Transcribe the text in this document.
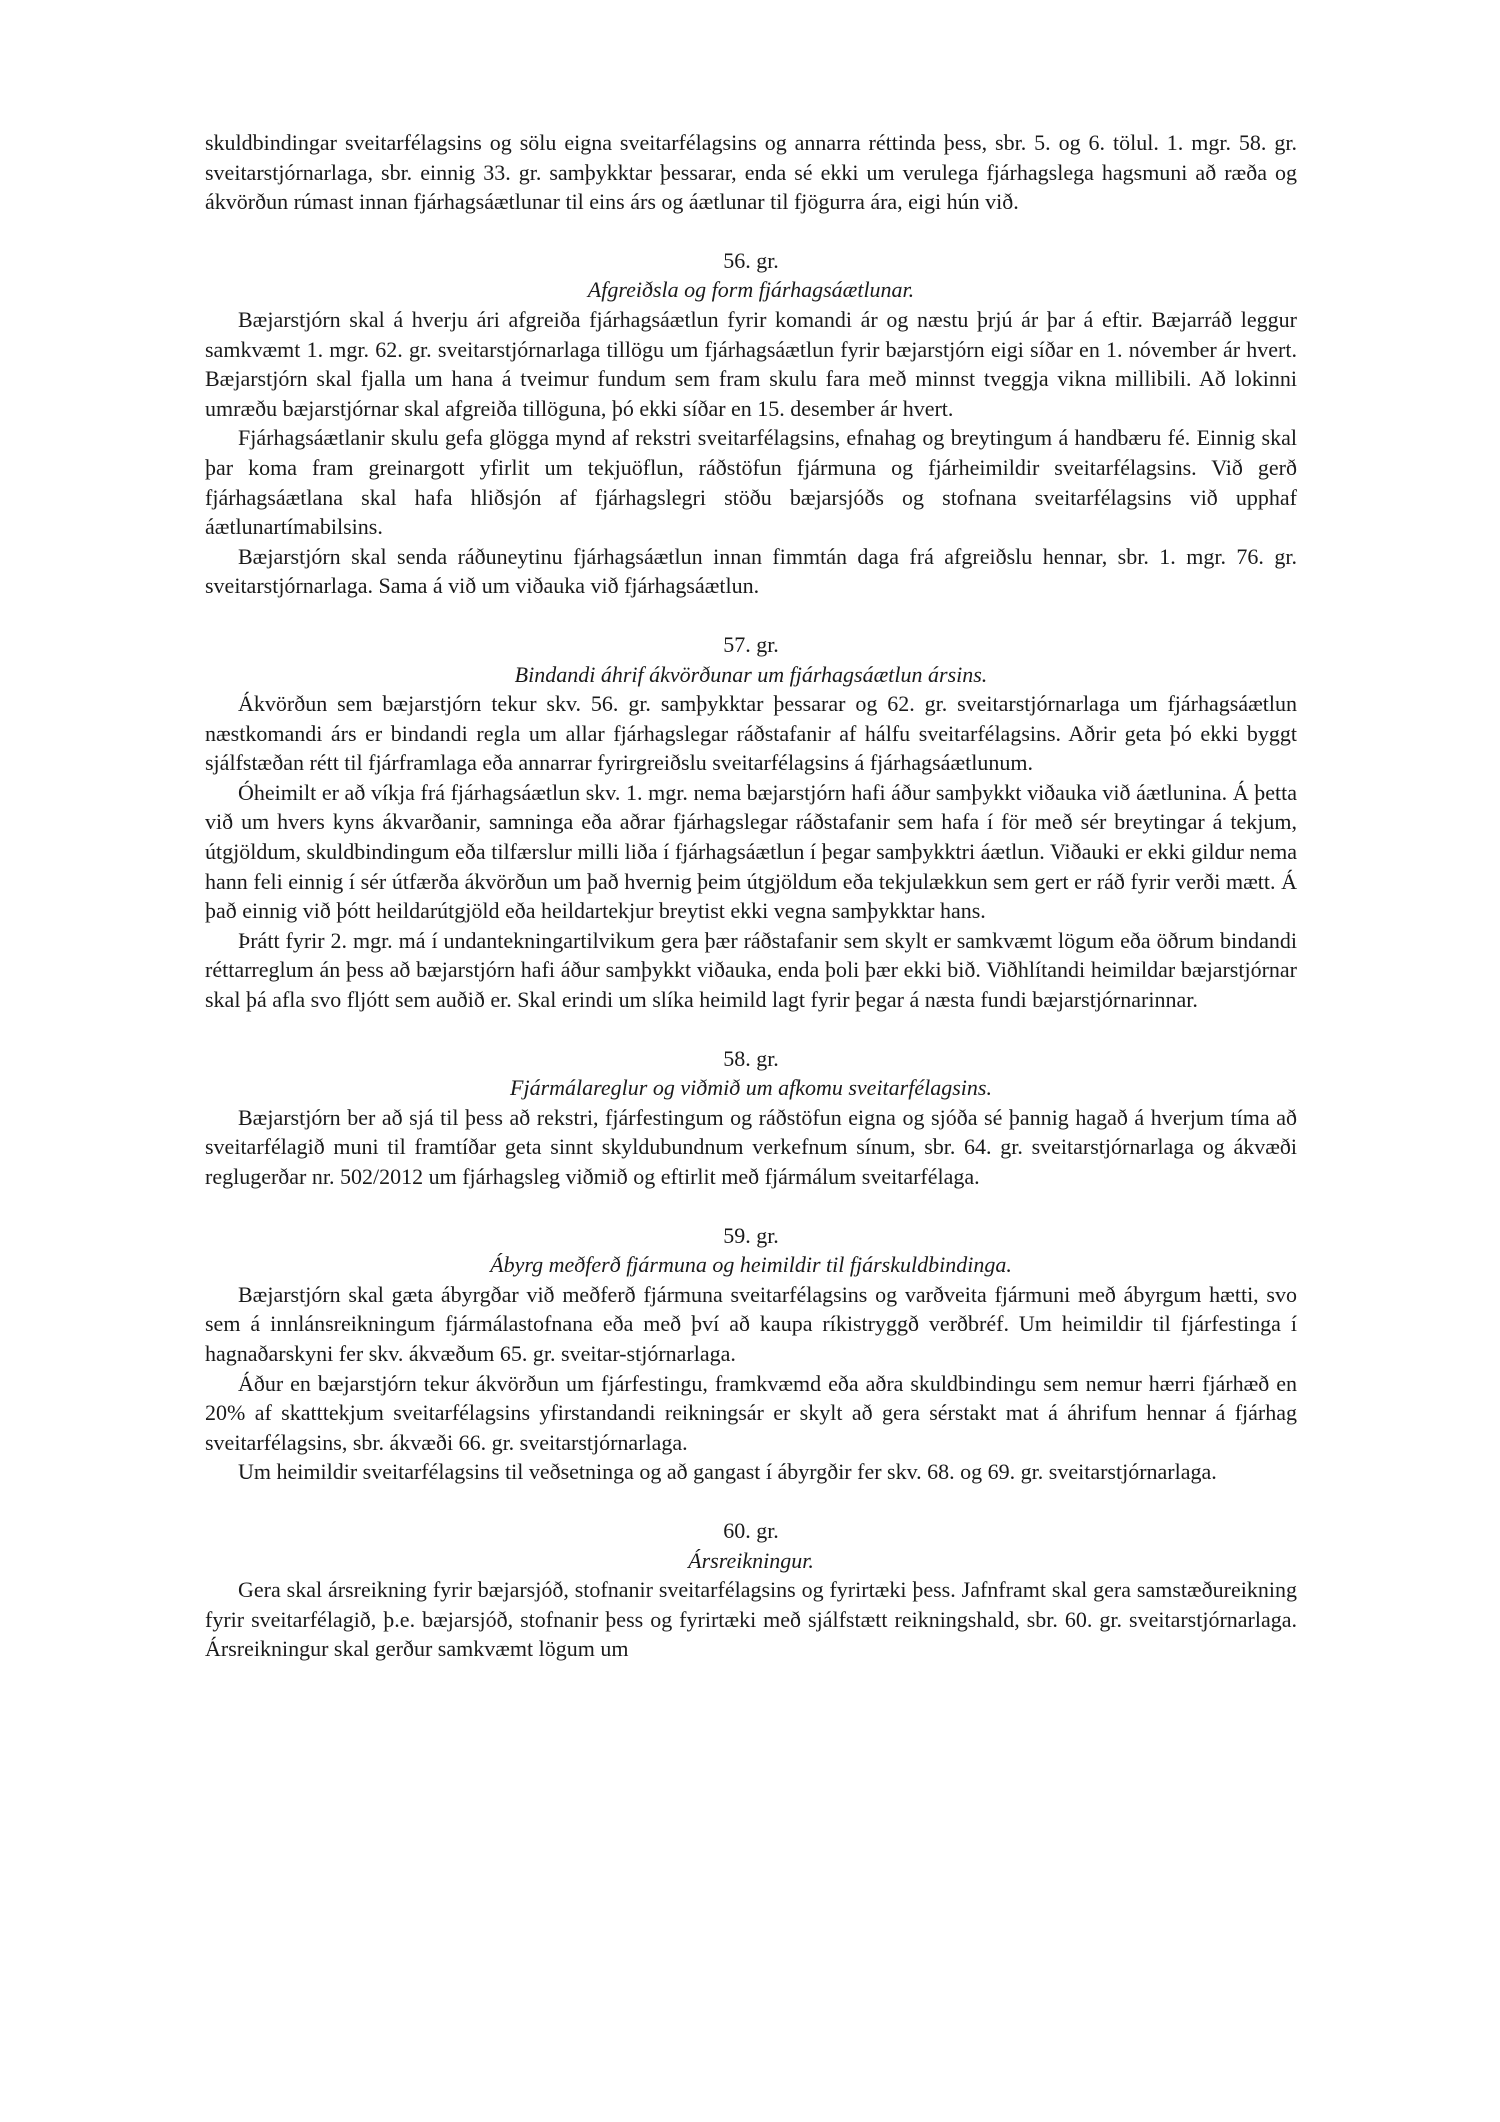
skuldbindingar sveitarfélagsins og sölu eigna sveitarfélagsins og annarra réttinda þess, sbr. 5. og 6. tölul. 1. mgr. 58. gr. sveitarstjórnarlaga, sbr. einnig 33. gr. samþykktar þessarar, enda sé ekki um verulega fjárhagslega hagsmuni að ræða og ákvörðun rúmast innan fjárhagsáætlunar til eins árs og áætlunar til fjögurra ára, eigi hún við.

56. gr.

Afgreiðsla og form fjárhagsáætlunar.

Bæjarstjórn skal á hverju ári afgreiða fjárhagsáætlun fyrir komandi ár og næstu þrjú ár þar á eftir. Bæjarráð leggur samkvæmt 1. mgr. 62. gr. sveitarstjórnarlaga tillögu um fjárhagsáætlun fyrir bæjarstjórn eigi síðar en 1. nóvember ár hvert. Bæjarstjórn skal fjalla um hana á tveimur fundum sem fram skulu fara með minnst tveggja vikna millibili. Að lokinni umræðu bæjarstjórnar skal afgreiða tillöguna, þó ekki síðar en 15. desember ár hvert.

Fjárhagsáætlanir skulu gefa glögga mynd af rekstri sveitarfélagsins, efnahag og breytingum á handbæru fé. Einnig skal þar koma fram greinargott yfirlit um tekjuöflun, ráðstöfun fjármuna og fjárheimildir sveitarfélagsins. Við gerð fjárhagsáætlana skal hafa hliðsjón af fjárhagslegri stöðu bæjarsjóðs og stofnana sveitarfélagsins við upphaf áætlunartímabilsins.

Bæjarstjórn skal senda ráðuneytinu fjárhagsáætlun innan fimmtán daga frá afgreiðslu hennar, sbr. 1. mgr. 76. gr. sveitarstjórnarlaga. Sama á við um viðauka við fjárhagsáætlun.

57. gr.

Bindandi áhrif ákvörðunar um fjárhagsáætlun ársins.

Ákvörðun sem bæjarstjórn tekur skv. 56. gr. samþykktar þessarar og 62. gr. sveitarstjórnarlaga um fjárhagsáætlun næstkomandi árs er bindandi regla um allar fjárhagslegar ráðstafanir af hálfu sveitarfélagsins. Aðrir geta þó ekki byggt sjálfstæðan rétt til fjárframlaga eða annarrar fyrirgreiðslu sveitarfélagsins á fjárhagsáætlunum.

Óheimilt er að víkja frá fjárhagsáætlun skv. 1. mgr. nema bæjarstjórn hafi áður samþykkt viðauka við áætlunina. Á þetta við um hvers kyns ákvarðanir, samninga eða aðrar fjárhagslegar ráðstafanir sem hafa í för með sér breytingar á tekjum, útgjöldum, skuldbindingum eða tilfærslur milli liða í fjárhagsáætlun í þegar samþykktri áætlun. Viðauki er ekki gildur nema hann feli einnig í sér útfærða ákvörðun um það hvernig þeim útgjöldum eða tekjulækkun sem gert er ráð fyrir verði mætt. Á það einnig við þótt heildarútgjöld eða heildartekjur breytist ekki vegna samþykktar hans.

Þrátt fyrir 2. mgr. má í undantekningartilvikum gera þær ráðstafanir sem skylt er samkvæmt lögum eða öðrum bindandi réttarreglum án þess að bæjarstjórn hafi áður samþykkt viðauka, enda þoli þær ekki bið. Viðhlítandi heimildar bæjarstjórnar skal þá afla svo fljótt sem auðið er. Skal erindi um slíka heimild lagt fyrir þegar á næsta fundi bæjarstjórnarinnar.

58. gr.

Fjármálareglur og viðmið um afkomu sveitarfélagsins.

Bæjarstjórn ber að sjá til þess að rekstri, fjárfestingum og ráðstöfun eigna og sjóða sé þannig hagað á hverjum tíma að sveitarfélagið muni til framtíðar geta sinnt skyldubundnum verkefnum sínum, sbr. 64. gr. sveitarstjórnarlaga og ákvæði reglugerðar nr. 502/2012 um fjárhagsleg viðmið og eftirlit með fjármálum sveitarfélaga.

59. gr.

Ábyrg meðferð fjármuna og heimildir til fjárskuldbindinga.

Bæjarstjórn skal gæta ábyrgðar við meðferð fjármuna sveitarfélagsins og varðveita fjármuni með ábyrgum hætti, svo sem á innlánsreikningum fjármálastofnana eða með því að kaupa ríkistryggð verðbréf. Um heimildir til fjárfestinga í hagnaðarskyni fer skv. ákvæðum 65. gr. sveitar-stjórnarlaga.

Áður en bæjarstjórn tekur ákvörðun um fjárfestingu, framkvæmd eða aðra skuldbindingu sem nemur hærri fjárhæð en 20% af skatttekjum sveitarfélagsins yfirstandandi reikningsár er skylt að gera sérstakt mat á áhrifum hennar á fjárhag sveitarfélagsins, sbr. ákvæði 66. gr. sveitarstjórnarlaga.

Um heimildir sveitarfélagsins til veðsetninga og að gangast í ábyrgðir fer skv. 68. og 69. gr. sveitarstjórnarlaga.

60. gr.

Ársreikningur.

Gera skal ársreikning fyrir bæjarsjóð, stofnanir sveitarfélagsins og fyrirtæki þess. Jafnframt skal gera samstæðureikning fyrir sveitarfélagið, þ.e. bæjarsjóð, stofnanir þess og fyrirtæki með sjálfstætt reikningshald, sbr. 60. gr. sveitarstjórnarlaga. Ársreikningur skal gerður samkvæmt lögum um
